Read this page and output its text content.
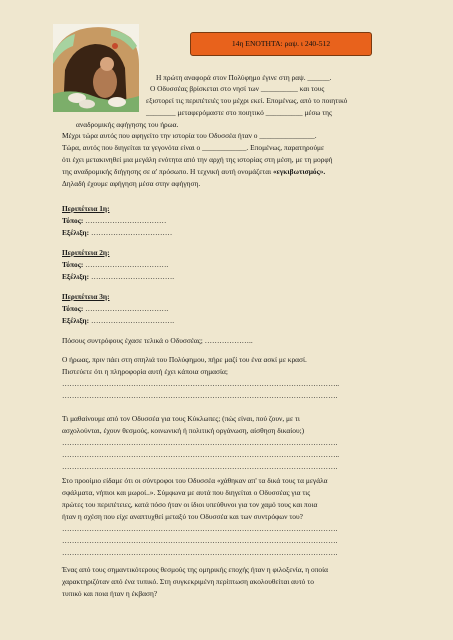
14η ΕΝΟΤΗΤΑ: ραψ. ι 240-512

Η πρώτη αναφορά στον Πολύφημο έγινε στη ραψ. ______.

Ο Οδυσσέας βρίσκεται στο νησί των __________ και τους

εξιστορεί τις περιπέτειές του μέχρι εκεί. Επομένως, από το ποιητικό

________ μεταφερόμαστε στο ποιητικό __________ μέσω της

αναδρομικής αφήγησης του ήρωα.

Μέχρι τώρα αυτός που αφηγείτο την ιστορία του Οδυσσέα ήταν ο _______________.

Τώρα, αυτός που διηγείται τα γεγονότα είναι ο ____________. Επομένως, παρατηρούμε

ότι έχει μετακινηθεί μια μεγάλη ενότητα από την αρχή της ιστορίας στη μέση, με τη μορφή

της αναδρομικής διήγησης σε α' πρόσωπο. Η τεχνική αυτή ονομάζεται «εγκιβωτισμός».

Δηλαδή έχουμε αφήγηση μέσα στην αφήγηση.

Περιπέτεια 1η:

Τόπος: ……………………………

Εξέλιξη: ……………………………

Περιπέτεια 2η:

Τόπος: …………………………….

Εξέλιξη: …………………………….

Περιπέτεια 3η:

Τόπος: …………………………….

Εξέλιξη: …………………………….

Πόσους συντρόφους έχασε τελικά ο Οδυσσέας; ………………..

Ο ήρωας, πριν πάει στη σπηλιά του Πολύφημου, πήρε μαζί του ένα ασκί με κρασί.

Πιστεύετε ότι η πληροφορία αυτή έχει κάποια σημασία;

…………………………………………………………………………………………………..

………………………………………………………………………………………………….

Τι μαθαίνουμε από τον Οδυσσέα για τους Κύκλωπες; (πώς είναι, πού ζουν, με τι

ασχολούνται, έχουν θεσμούς, κοινωνική ή πολιτική οργάνωση, αίσθηση δικαίου;)

………………………………………………………………………………………………….

…………………………………………………………………………………………………..

………………………………………………………………………………………………….

Στο προοίμιο είδαμε ότι οι σύντροφοι του Οδυσσέα «χάθηκαν απ' τα δικά τους τα μεγάλα

σφάλματα, νήπιοι και μωροί..». Σύμφωνα με αυτά που διηγείται ο Οδυσσέας για τις

πρώτες του περιπέτειες, κατά πόσο ήταν οι ίδιοι υπεύθυνοι για τον χαμό τους και ποια

ήταν η σχέση που είχε αναπτυχθεί μεταξύ του Οδυσσέα και των συντρόφων του?

………………………………………………………………………………………………….

………………………………………………………………………………………………….

………………………………………………………………………………………………….

Ένας από τους σημαντικότερους θεσμούς της ομηρικής εποχής ήταν η φιλοξενία, η οποία

χαρακτηριζόταν από ένα τυπικό. Στη συγκεκριμένη περίπτωση ακολουθείται αυτό το

τυπικό και ποια ήταν η έκβαση?
